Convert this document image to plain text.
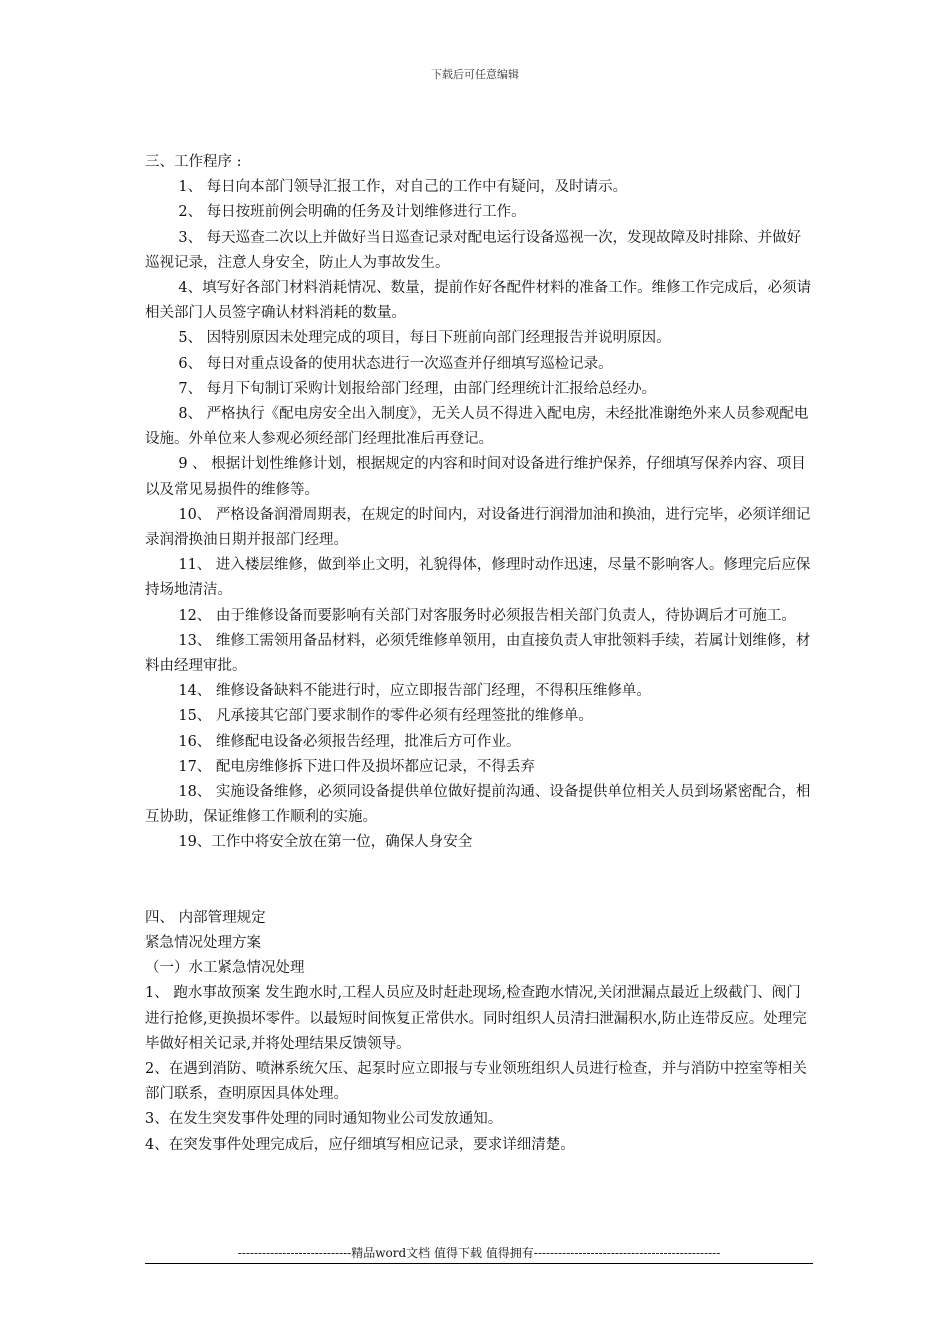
下载后可任意编辑

三、工作程序 :

1、 每日向本部门领导汇报工作，对自己的工作中有疑问，及时请示。

2、 每日按班前例会明确的任务及计划维修进行工作。

3、 每天巡查二次以上并做好当日巡查记录对配电运行设备巡视一次，发现故障及时排除、并做好巡视记录，注意人身安全，防止人为事故发生。

4、填写好各部门材料消耗情况、数量，提前作好各配件材料的准备工作。维修工作完成后，必须请相关部门人员签字确认材料消耗的数量。

5、 因特别原因未处理完成的项目，每日下班前向部门经理报告并说明原因。

6、 每日对重点设备的使用状态进行一次巡查并仔细填写巡检记录。

7、 每月下旬制订采购计划报给部门经理，由部门经理统计汇报给总经办。

8、 严格执行《配电房安全出入制度》，无关人员不得进入配电房，未经批准谢绝外来人员参观配电设施。外单位来人参观必须经部门经理批准后再登记。

9 、 根据计划性维修计划，根据规定的内容和时间对设备进行维护保养，仔细填写保养内容、项目以及常见易损件的维修等。

10、 严格设备润滑周期表，在规定的时间内，对设备进行润滑加油和换油，进行完毕，必须详细记录润滑换油日期并报部门经理。

11、 进入楼层维修，做到举止文明，礼貌得体，修理时动作迅速，尽量不影响客人。修理完后应保持场地清洁。

12、 由于维修设备而要影响有关部门对客服务时必须报告相关部门负责人，待协调后才可施工。

13、 维修工需领用备品材料，必须凭维修单领用，由直接负责人审批领料手续，若属计划维修，材料由经理审批。

14、 维修设备缺料不能进行时，应立即报告部门经理，不得积压维修单。

15、 凡承接其它部门要求制作的零件必须有经理签批的维修单。

16、 维修配电设备必须报告经理，批准后方可作业。

17、 配电房维修拆下进口件及损坏都应记录，不得丢弃

18、 实施设备维修，必须同设备提供单位做好提前沟通、设备提供单位相关人员到场紧密配合，相互协助，保证维修工作顺利的实施。

19、工作中将安全放在第一位，确保人身安全

四、 内部管理规定

紧急情况处理方案

（一）水工紧急情况处理

1、 跑水事故预案 发生跑水时,工程人员应及时赶赴现场,检查跑水情况,关闭泄漏点最近上级截门、阀门进行抢修,更换损坏零件。以最短时间恢复正常供水。同时组织人员清扫泄漏积水,防止连带反应。处理完毕做好相关记录,并将处理结果反馈领导。

2、在遇到消防、喷淋系统欠压、起泵时应立即报与专业领班组织人员进行检查，并与消防中控室等相关部门联系，查明原因具体处理。

3、在发生突发事件处理的同时通知物业公司发放通知。

4、在突发事件处理完成后，应仔细填写相应记录，要求详细清楚。

----------------------------精品word文档 值得下载 值得拥有----------------------------------------------
